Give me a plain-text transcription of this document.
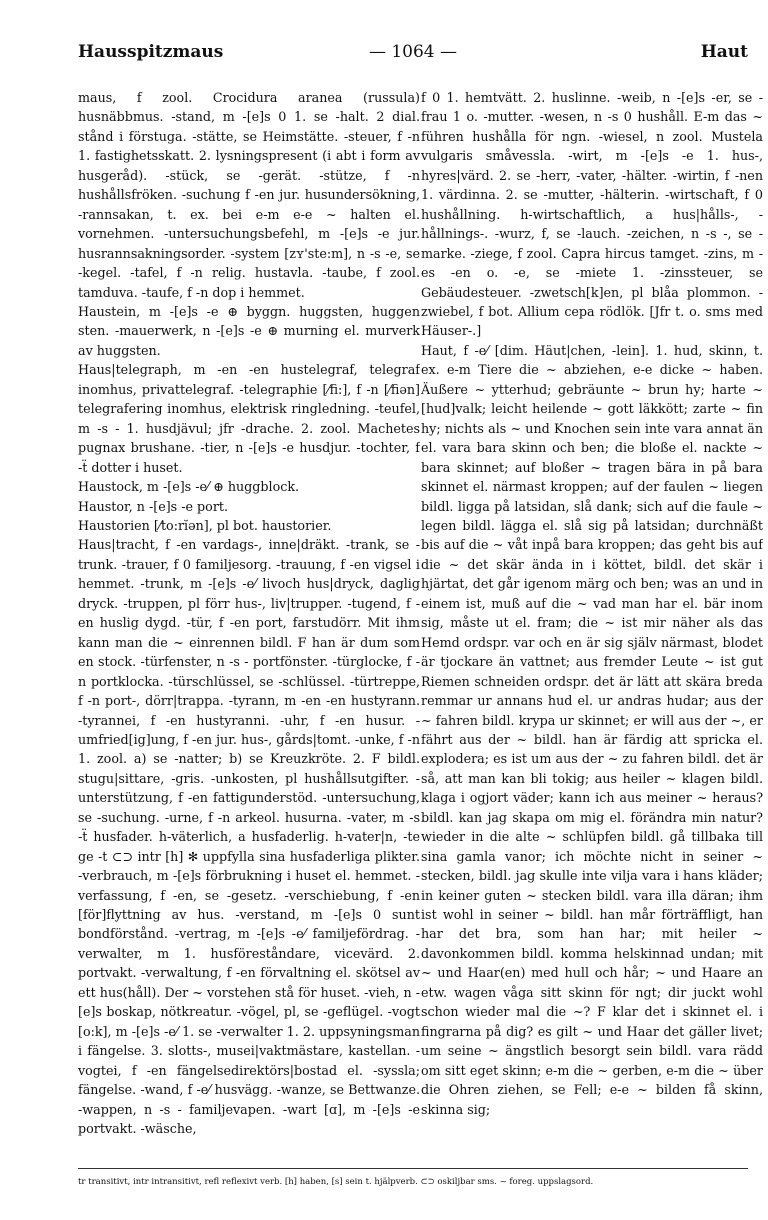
Hausspitzmaus	— 1064 —	Haut

maus, f zool. Crocidura aranea (russula) husnäbbmus. -stand, m -[e]s 0 1. se -halt. 2 dial. stånd i förstuga. -stätte, se Heimstätte. -steuer, f -n 1. fastighetsskatt. 2. lysningspresent (i abt i form av husgeråd). -stück, se -gerät. -stütze, f -n hushållsfröken. -suchung f -en jur. husundersökning, -rannsakan, t. ex. bei e-m e-e ~ halten el. vornehmen. -untersuchungsbefehl, m -[e]s -e jur. husrannsakningsorder. -system [zʏ'ste:m], n -s -e, se -kegel. -tafel, f -n relig. hustavla. -taube, f zool. tamduva. -taufe, f -n dop i hemmet.

Haustein, m -[e]s -e ⊕ byggn. huggsten, huggen sten. -mauerwerk, n -[e]s -e ⊕ murning el. murverk av huggsten.

Haus|telegraph, m -en -en hustelegraf, telegraf inomhus, privattelegraf. -telegraphie [⁄fi:], f -n [⁄fiən] telegrafering inomhus, elektrisk ringledning. -teufel, m -s - 1. husdjävul; jfr -drache. 2. zool. Machetes pugnax brushane. -tier, n -[e]s -e husdjur. -tochter, f -ẗ dotter i huset.

Haustock, m -[e]s -e⁄ ⊕ huggblock.

Haustor, n -[e]s -e port.

Haustorien [⁄to:rĭən], pl bot. haustorier.

Haus|tracht, f -en vardags-, inne|dräkt. -trank, se -trunk. -trauer, f 0 familjesorg. -trauung, f -en vigsel i hemmet. -trunk, m -[e]s -e⁄ livoch hus|dryck, daglig dryck. -truppen, pl förr hus-, liv|trupper. -tugend, f -en huslig dygd. -tür, f -en port, farstudörr. Mit ihm kann man die ~ einrennen bildl. F han är dum som en stock. -türfenster, n -s - portfönster. -türglocke, f -n portklocka. -türschlüssel, se -schlüssel. -türtreppe, f -n port-, dörr|trappa. -tyrann, m -en -en hustyrann. -tyrannei, f -en hustyranni. -uhr, f -en husur. -umfried[ig]ung, f -en jur. hus-, gårds|tomt. -unke, f -n 1. zool. a) se -natter; b) se Kreuzkröte. 2. F bildl. stugu|sittare, -gris. -unkosten, pl hushållsutgifter. -unterstützung, f -en fattigunderstöd. -untersuchung, se -suchung. -urne, f -n arkeol. husurna. -vater, m -s -ẗ husfader. h-väterlich, a husfaderlig. h-vater|n, -te ge -t ⊂⊃ intr [h] ✻ uppfylla sina husfaderliga plikter. -verbrauch, m -[e]s förbrukning i huset el. hemmet. -verfassung, f -en, se -gesetz. -verschiebung, f -en [för]flyttning av hus. -verstand, m -[e]s 0 sunt bondförstånd. -vertrag, m -[e]s -e⁄ familjefördrag. -verwalter, m 1. husföreståndare, vicevärd. 2. portvakt. -verwaltung, f -en förvaltning el. skötsel av ett hus(håll). Der ~ vorstehen stå för huset. -vieh, n -[e]s boskap, nötkreatur. -vögel, pl, se -geflügel. -vogt [o:k], m -[e]s -e⁄ 1. se -verwalter 1. 2. uppsyningsman i fängelse. 3. slotts-, musei|vaktmästare, kastellan. -vogtei, f -en fängelsedirektörs|bostad el. -syssla; fängelse. -wand, f -e⁄ husvägg. -wanze, se Bettwanze. -wappen, n -s - familjevapen. -wart [ɑ], m -[e]s -e portvakt. -wäsche,

f 0 1. hemtvätt. 2. huslinne. -weib, n -[e]s -er, se -frau 1 o. -mutter. -wesen, n -s 0 hushåll. E-m das ~ führen hushålla för ngn. -wiesel, n zool. Mustela vulgaris småvessla. -wirt, m -[e]s -e 1. hus-, hyres|värd. 2. se -herr, -vater, -hälter. -wirtin, f -nen 1. värdinna. 2. se -mutter, -hälterin. -wirtschaft, f 0 hushållning. h-wirtschaftlich, a hus|hålls-, -hållnings-. -wurz, f, se -lauch. -zeichen, n -s -, se -marke. -ziege, f zool. Capra hircus tamget. -zins, m -es -en o. -e, se -miete 1. -zinssteuer, se Gebäudesteuer. -zwetsch[k]en, pl blåa plommon. -zwiebel, f bot. Allium cepa rödlök. [Jfr t. o. sms med Häuser-.]

Haut, f -e⁄ [dim. Häut|chen, -lein]. 1. hud, skinn, t. ex. e-m Tiere die ~ abziehen, e-e dicke ~ haben. Äußere ~ ytterhud; gebräunte ~ brun hy; harte ~ [hud]valk; leicht heilende ~ gott läkkött; zarte ~ fin hy; nichts als ~ und Knochen sein inte vara annat än el. vara bara skinn och ben; die bloße el. nackte ~ bara skinnet; auf bloßer ~ tragen bära in på bara skinnet el. närmast kroppen; auf der faulen ~ liegen bildl. ligga på latsidan, slå dank; sich auf die faule ~ legen bildl. lägga el. slå sig på latsidan; durchnäßt bis auf die ~ våt inpå bara kroppen; das geht bis auf die ~ det skär ända in i köttet, bildl. det skär i hjärtat, det går igenom märg och ben; was an und in einem ist, muß auf die ~ vad man har el. bär inom sig, måste ut el. fram; die ~ ist mir näher als das Hemd ordspr. var och en är sig själv närmast, blodet är tjockare än vattnet; aus fremder Leute ~ ist gut Riemen schneiden ordspr. det är lätt att skära breda remmar ur annans hud el. ur andras hudar; aus der ~ fahren bildl. krypa ur skinnet; er will aus der ~, er fährt aus der ~ bildl. han är färdig att spricka el. explodera; es ist um aus der ~ zu fahren bildl. det är så, att man kan bli tokig; aus heiler ~ klagen bildl. klaga i ogjort väder; kann ich aus meiner ~ heraus? bildl. kan jag skapa om mig el. förändra min natur? wieder in die alte ~ schlüpfen bildl. gå tillbaka till sina gamla vanor; ich möchte nicht in seiner ~ stecken, bildl. jag skulle inte vilja vara i hans kläder; in keiner guten ~ stecken bildl. vara illa däran; ihm ist wohl in seiner ~ bildl. han mår förträffligt, han har det bra, som han har; mit heiler ~ davonkommen bildl. komma helskinnad undan; mit ~ und Haar(en) med hull och hår; ~ und Haare an etw. wagen våga sitt skinn för ngt; dir juckt wohl schon wieder mal die ~? F klar det i skinnet el. i fingrarna på dig? es gilt ~ und Haar det gäller livet; um seine ~ ängstlich besorgt sein bildl. vara rädd om sitt eget skinn; e-m die ~ gerben, e-m die ~ über die Ohren ziehen, se Fell; e-e ~ bilden få skinn, skinna sig;

tr transitivt, intr intransitivt, refl reflexivt verb. [h] haben, [s] sein t. hjälpverb. ⊂⊃ oskiljbar sms. ~ foreg. uppslagsord.
